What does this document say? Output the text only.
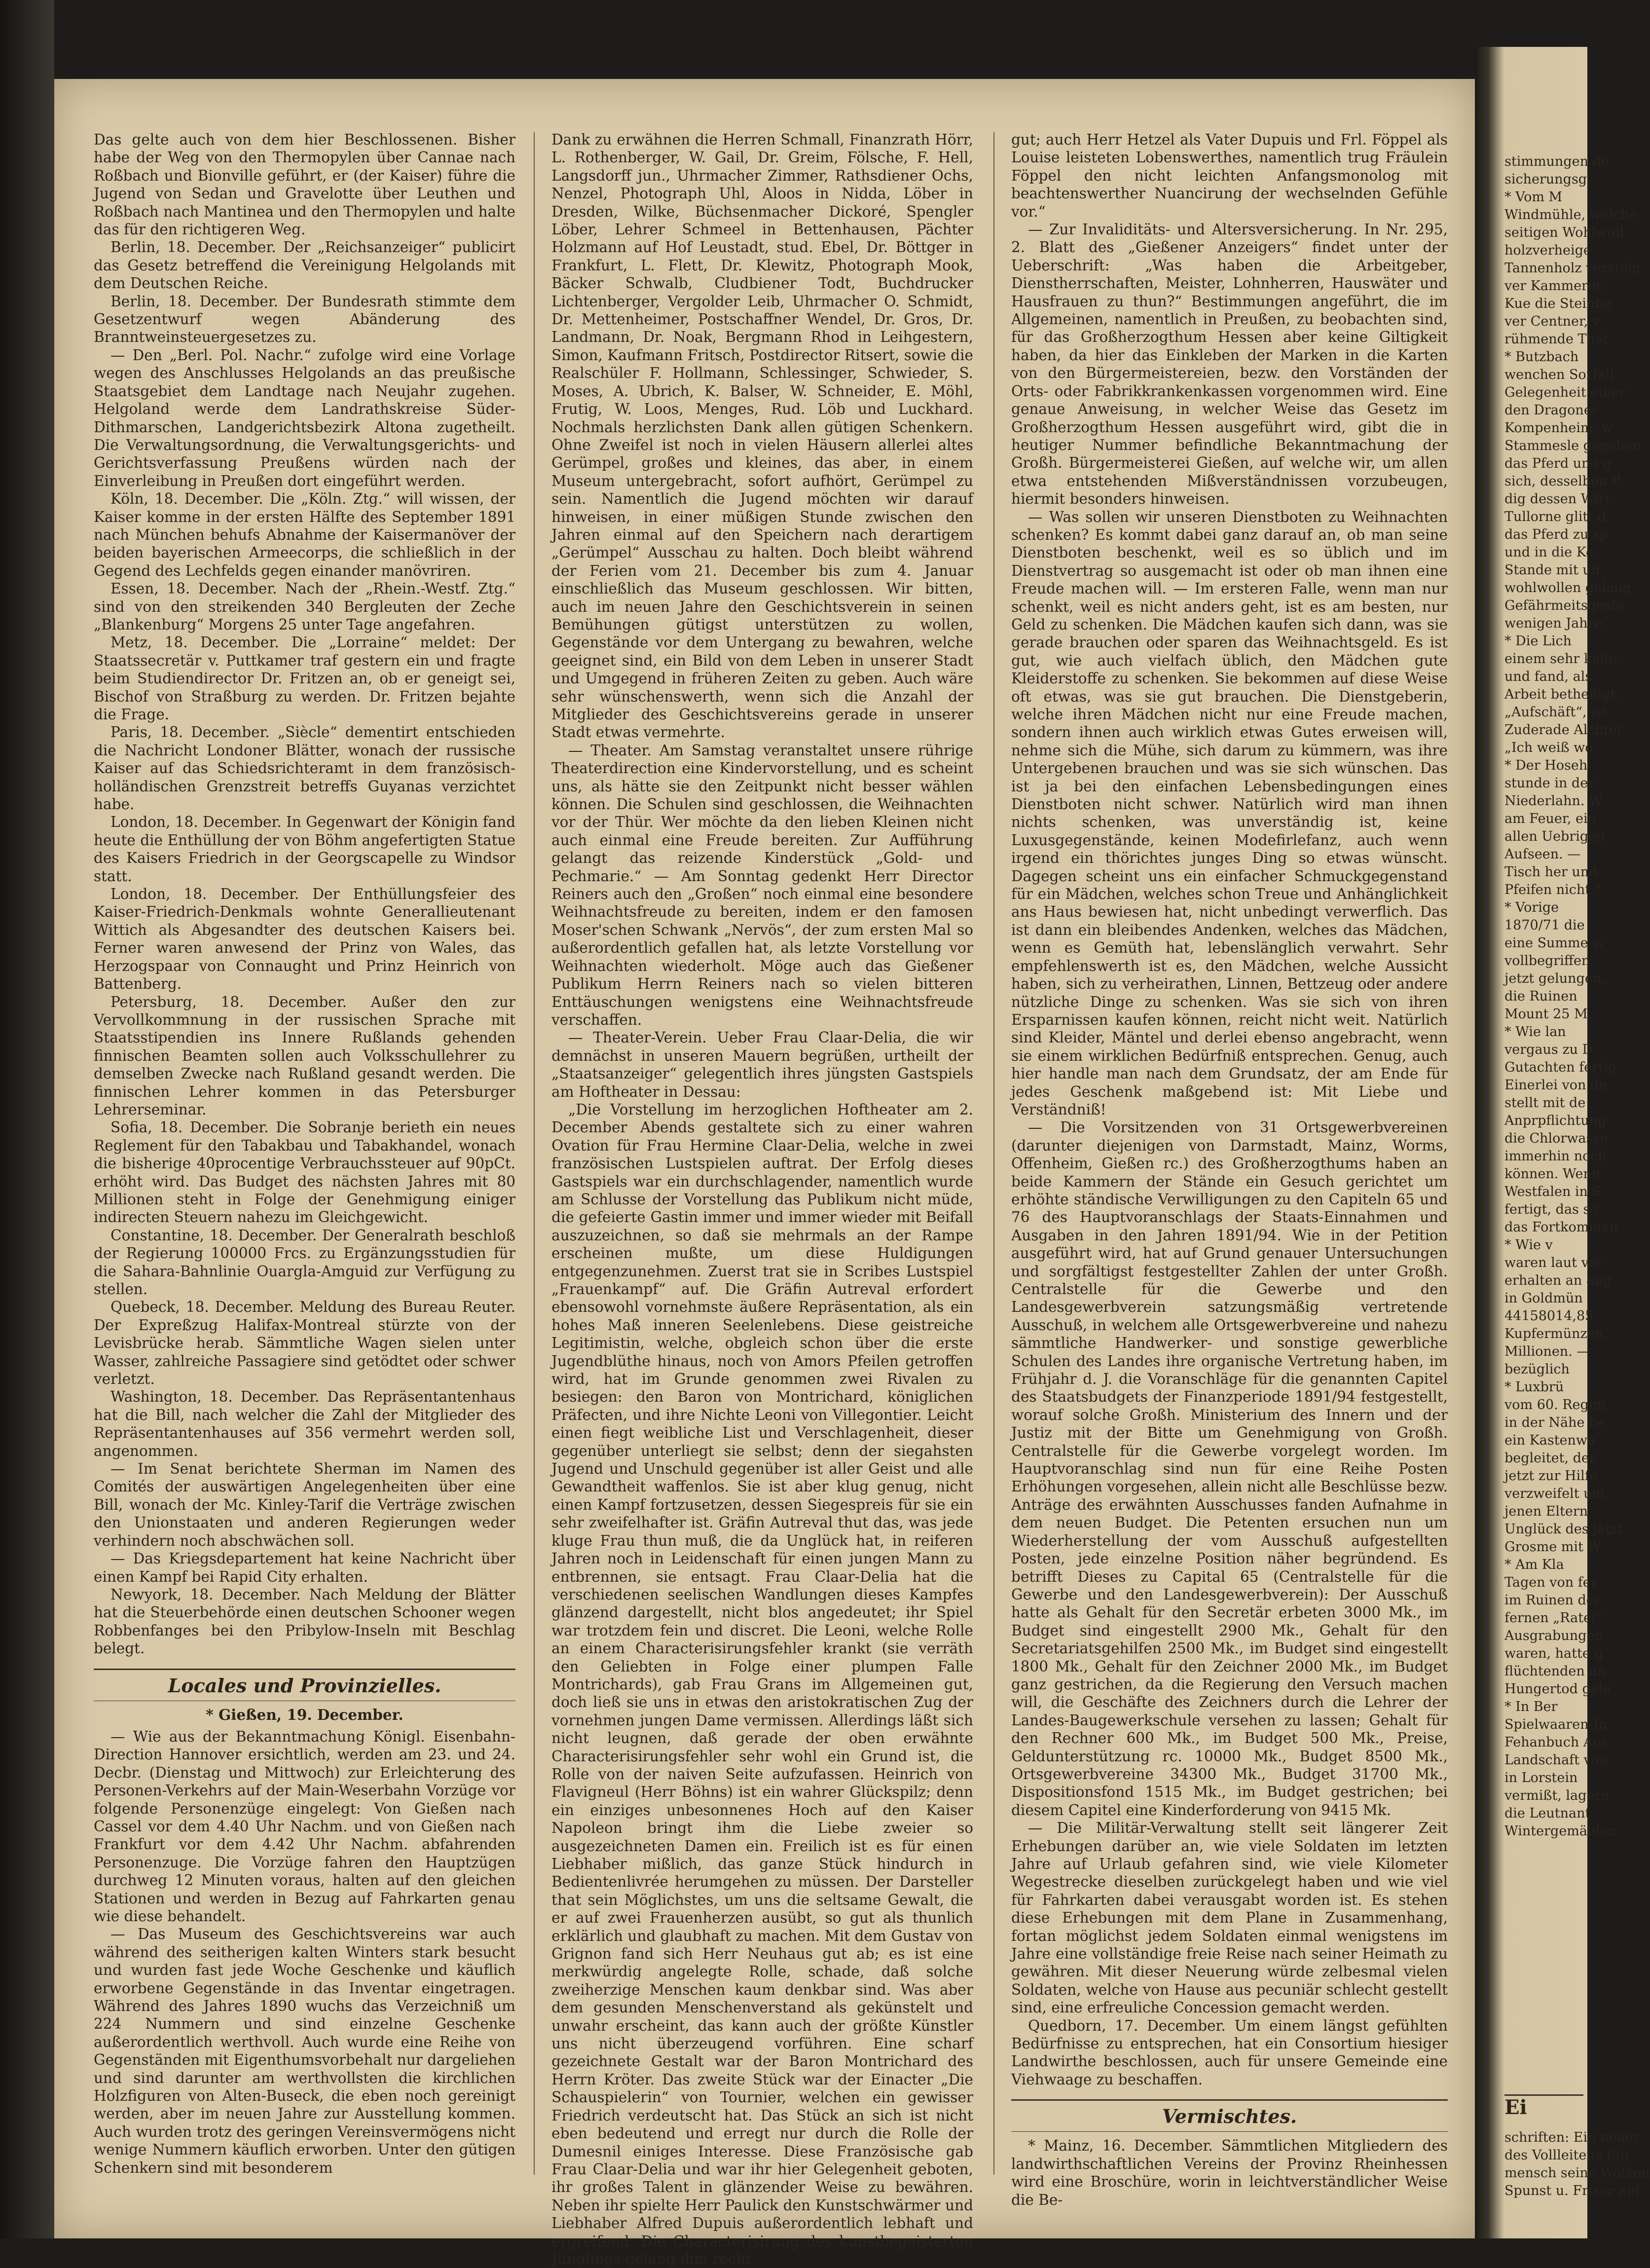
Das gelte auch von dem hier Beschlossenen. Bisher habe der Weg von den Thermopylen über Cannae nach Roßbach und Bionville geführt, er (der Kaiser) führe die Jugend von Sedan und Gravelotte über Leuthen und Roßbach nach Mantinea und den Thermopylen und halte das für den richtigeren Weg.

Berlin, 18. December. Der „Reichsanzeiger“ publicirt das Gesetz betreffend die Vereinigung Helgolands mit dem Deutschen Reiche.

Berlin, 18. December. Der Bundesrath stimmte dem Gesetzentwurf wegen Abänderung des Branntweinsteuergesetzes zu.

— Den „Berl. Pol. Nachr.“ zufolge wird eine Vorlage wegen des Anschlusses Helgolands an das preußische Staatsgebiet dem Landtage nach Neujahr zugehen. Helgoland werde dem Landrathskreise Süder-Dithmarschen, Landgerichtsbezirk Altona zugetheilt. Die Verwaltungsordnung, die Verwaltungsgerichts- und Gerichtsverfassung Preußens würden nach der Einverleibung in Preußen dort eingeführt werden.

Köln, 18. December. Die „Köln. Ztg.“ will wissen, der Kaiser komme in der ersten Hälfte des September 1891 nach München behufs Abnahme der Kaisermanöver der beiden bayerischen Armeecorps, die schließlich in der Gegend des Lechfelds gegen einander manövriren.

Essen, 18. December. Nach der „Rhein.-Westf. Ztg.“ sind von den streikenden 340 Bergleuten der Zeche „Blankenburg“ Morgens 25 unter Tage angefahren.

Metz, 18. December. Die „Lorraine“ meldet: Der Staatssecretär v. Puttkamer traf gestern ein und fragte beim Studiendirector Dr. Fritzen an, ob er geneigt sei, Bischof von Straßburg zu werden. Dr. Fritzen bejahte die Frage.

Paris, 18. December. „Siècle“ dementirt entschieden die Nachricht Londoner Blätter, wonach der russische Kaiser auf das Schiedsrichteramt in dem französisch-holländischen Grenzstreit betreffs Guyanas verzichtet habe.

London, 18. December. In Gegenwart der Königin fand heute die Enthüllung der von Böhm angefertigten Statue des Kaisers Friedrich in der Georgscapelle zu Windsor statt.

London, 18. December. Der Enthüllungsfeier des Kaiser-Friedrich-Denkmals wohnte Generallieutenant Wittich als Abgesandter des deutschen Kaisers bei. Ferner waren anwesend der Prinz von Wales, das Herzogspaar von Connaught und Prinz Heinrich von Battenberg.

Petersburg, 18. December. Außer den zur Vervollkommnung in der russischen Sprache mit Staatsstipendien ins Innere Rußlands gehenden finnischen Beamten sollen auch Volksschullehrer zu demselben Zwecke nach Rußland gesandt werden. Die finnischen Lehrer kommen in das Petersburger Lehrerseminar.

Sofia, 18. December. Die Sobranje berieth ein neues Reglement für den Tabakbau und Tabakhandel, wonach die bisherige 40procentige Verbrauchssteuer auf 90pCt. erhöht wird. Das Budget des nächsten Jahres mit 80 Millionen steht in Folge der Genehmigung einiger indirecten Steuern nahezu im Gleichgewicht.

Constantine, 18. December. Der Generalrath beschloß der Regierung 100000 Frcs. zu Ergänzungsstudien für die Sahara-Bahnlinie Ouargla-Amguid zur Verfügung zu stellen.

Quebeck, 18. December. Meldung des Bureau Reuter. Der Expreßzug Halifax-Montreal stürzte von der Levisbrücke herab. Sämmtliche Wagen sielen unter Wasser, zahlreiche Passagiere sind getödtet oder schwer verletzt.

Washington, 18. December. Das Repräsentantenhaus hat die Bill, nach welcher die Zahl der Mitglieder des Repräsentantenhauses auf 356 vermehrt werden soll, angenommen.

— Im Senat berichtete Sherman im Namen des Comités der auswärtigen Angelegenheiten über eine Bill, wonach der Mc. Kinley-Tarif die Verträge zwischen den Unionstaaten und anderen Regierungen weder verhindern noch abschwächen soll.

— Das Kriegsdepartement hat keine Nachricht über einen Kampf bei Rapid City erhalten.

Newyork, 18. December. Nach Meldung der Blätter hat die Steuerbehörde einen deutschen Schooner wegen Robbenfanges bei den Pribylow-Inseln mit Beschlag belegt.

Locales und Provinzielles.
* Gießen, 19. December.

— Wie aus der Bekanntmachung Königl. Eisenbahn-Direction Hannover ersichtlich, werden am 23. und 24. Decbr. (Dienstag und Mittwoch) zur Erleichterung des Personen-Verkehrs auf der Main-Weserbahn Vorzüge vor folgende Personenzüge eingelegt: Von Gießen nach Cassel vor dem 4.40 Uhr Nachm. und von Gießen nach Frankfurt vor dem 4.42 Uhr Nachm. abfahrenden Personenzuge. Die Vorzüge fahren den Hauptzügen durchweg 12 Minuten voraus, halten auf den gleichen Stationen und werden in Bezug auf Fahrkarten genau wie diese behandelt.

— Das Museum des Geschichtsvereins war auch während des seitherigen kalten Winters stark besucht und wurden fast jede Woche Geschenke und käuflich erworbene Gegenstände in das Inventar eingetragen. Während des Jahres 1890 wuchs das Verzeichniß um 224 Nummern und sind einzelne Geschenke außerordentlich werthvoll. Auch wurde eine Reihe von Gegenständen mit Eigenthumsvorbehalt nur dargeliehen und sind darunter am werthvollsten die kirchlichen Holzfiguren von Alten-Buseck, die eben noch gereinigt werden, aber im neuen Jahre zur Ausstellung kommen. Auch wurden trotz des geringen Vereinsvermögens nicht wenige Nummern käuflich erworben. Unter den gütigen Schenkern sind mit besonderem

Dank zu erwähnen die Herren Schmall, Finanzrath Hörr, L. Rothenberger, W. Gail, Dr. Greim, Fölsche, F. Hell, Langsdorff jun., Uhrmacher Zimmer, Rathsdiener Ochs, Nenzel, Photograph Uhl, Aloos in Nidda, Löber in Dresden, Wilke, Büchsenmacher Dickoré, Spengler Löber, Lehrer Schmeel in Bettenhausen, Pächter Holzmann auf Hof Leustadt, stud. Ebel, Dr. Böttger in Frankfurt, L. Flett, Dr. Klewitz, Photograph Mook, Bäcker Schwalb, Cludbiener Todt, Buchdrucker Lichtenberger, Vergolder Leib, Uhrmacher O. Schmidt, Dr. Mettenheimer, Postschaffner Wendel, Dr. Gros, Dr. Landmann, Dr. Noak, Bergmann Rhod in Leihgestern, Simon, Kaufmann Fritsch, Postdirector Ritsert, sowie die Realschüler F. Hollmann, Schlessinger, Schwieder, S. Moses, A. Ubrich, K. Balser, W. Schneider, E. Möhl, Frutig, W. Loos, Menges, Rud. Löb und Luckhard. Nochmals herzlichsten Dank allen gütigen Schenkern. Ohne Zweifel ist noch in vielen Häusern allerlei altes Gerümpel, großes und kleines, das aber, in einem Museum untergebracht, sofort aufhört, Gerümpel zu sein. Namentlich die Jugend möchten wir darauf hinweisen, in einer müßigen Stunde zwischen den Jahren einmal auf den Speichern nach derartigem „Gerümpel“ Ausschau zu halten. Doch bleibt während der Ferien vom 21. December bis zum 4. Januar einschließlich das Museum geschlossen. Wir bitten, auch im neuen Jahre den Geschichtsverein in seinen Bemühungen gütigst unterstützen zu wollen, Gegenstände vor dem Untergang zu bewahren, welche geeignet sind, ein Bild von dem Leben in unserer Stadt und Umgegend in früheren Zeiten zu geben. Auch wäre sehr wünschenswerth, wenn sich die Anzahl der Mitglieder des Geschichtsvereins gerade in unserer Stadt etwas vermehrte.

— Theater. Am Samstag veranstaltet unsere rührige Theaterdirection eine Kindervorstellung, und es scheint uns, als hätte sie den Zeitpunkt nicht besser wählen können. Die Schulen sind geschlossen, die Weihnachten vor der Thür. Wer möchte da den lieben Kleinen nicht auch einmal eine Freude bereiten. Zur Aufführung gelangt das reizende Kinderstück „Gold- und Pechmarie.“ — Am Sonntag gedenkt Herr Director Reiners auch den „Großen“ noch einmal eine besondere Weihnachtsfreude zu bereiten, indem er den famosen Moser'schen Schwank „Nervös“, der zum ersten Mal so außerordentlich gefallen hat, als letzte Vorstellung vor Weihnachten wiederholt. Möge auch das Gießener Publikum Herrn Reiners nach so vielen bitteren Enttäuschungen wenigstens eine Weihnachtsfreude verschaffen.

— Theater-Verein. Ueber Frau Claar-Delia, die wir demnächst in unseren Mauern begrüßen, urtheilt der „Staatsanzeiger“ gelegentlich ihres jüngsten Gastspiels am Hoftheater in Dessau:

„Die Vorstellung im herzoglichen Hoftheater am 2. December Abends gestaltete sich zu einer wahren Ovation für Frau Hermine Claar-Delia, welche in zwei französischen Lustspielen auftrat. Der Erfolg dieses Gastspiels war ein durchschlagender, namentlich wurde am Schlusse der Vorstellung das Publikum nicht müde, die gefeierte Gastin immer und immer wieder mit Beifall auszuzeichnen, so daß sie mehrmals an der Rampe erscheinen mußte, um diese Huldigungen entgegenzunehmen. Zuerst trat sie in Scribes Lustspiel „Frauenkampf“ auf. Die Gräfin Autreval erfordert ebensowohl vornehmste äußere Repräsentation, als ein hohes Maß inneren Seelenlebens. Diese geistreiche Legitimistin, welche, obgleich schon über die erste Jugendblüthe hinaus, noch von Amors Pfeilen getroffen wird, hat im Grunde genommen zwei Rivalen zu besiegen: den Baron von Montrichard, königlichen Präfecten, und ihre Nichte Leoni von Villegontier. Leicht einen fiegt weibliche List und Verschlagenheit, dieser gegenüber unterliegt sie selbst; denn der siegahsten Jugend und Unschuld gegenüber ist aller Geist und alle Gewandtheit waffenlos. Sie ist aber klug genug, nicht einen Kampf fortzusetzen, dessen Siegespreis für sie ein sehr zweifelhafter ist. Gräfin Autreval thut das, was jede kluge Frau thun muß, die da Unglück hat, in reiferen Jahren noch in Leidenschaft für einen jungen Mann zu entbrennen, sie entsagt. Frau Claar-Delia hat die verschiedenen seelischen Wandlungen dieses Kampfes glänzend dargestellt, nicht blos angedeutet; ihr Spiel war trotzdem fein und discret. Die Leoni, welche Rolle an einem Characterisirungsfehler krankt (sie verräth den Geliebten in Folge einer plumpen Falle Montrichards), gab Frau Grans im Allgemeinen gut, doch ließ sie uns in etwas den aristokratischen Zug der vornehmen jungen Dame vermissen. Allerdings läßt sich nicht leugnen, daß gerade der oben erwähnte Characterisirungsfehler sehr wohl ein Grund ist, die Rolle von der naiven Seite aufzufassen. Heinrich von Flavigneul (Herr Böhns) ist ein wahrer Glückspilz; denn ein einziges unbesonnenes Hoch auf den Kaiser Napoleon bringt ihm die Liebe zweier so ausgezeichneten Damen ein. Freilich ist es für einen Liebhaber mißlich, das ganze Stück hindurch in Bedientenlivrée herumgehen zu müssen. Der Darsteller that sein Möglichstes, um uns die seltsame Gewalt, die er auf zwei Frauenherzen ausübt, so gut als thunlich erklärlich und glaubhaft zu machen. Mit dem Gustav von Grignon fand sich Herr Neuhaus gut ab; es ist eine merkwürdig angelegte Rolle, schade, daß solche zweiherzige Menschen kaum denkbar sind. Was aber dem gesunden Menschenverstand als gekünstelt und unwahr erscheint, das kann auch der größte Künstler uns nicht überzeugend vorführen. Eine scharf gezeichnete Gestalt war der Baron Montrichard des Herrn Kröter. Das zweite Stück war der Einacter „Die Schauspielerin“ von Tournier, welchen ein gewisser Friedrich verdeutscht hat. Das Stück an sich ist nicht eben bedeutend und erregt nur durch die Rolle der Dumesnil einiges Interesse. Diese Französische gab Frau Claar-Delia und war ihr hier Gelegenheit geboten, ihr großes Talent in glänzender Weise zu bewähren. Neben ihr spielte Herr Paulick den Kunstschwärmer und Liebhaber Alfred Dupuis außerordentlich lebhaft und ergreifend. Die Characterisirung des kunstbegeisterten Jünglings gelang ihm recht

gut; auch Herr Hetzel als Vater Dupuis und Frl. Föppel als Louise leisteten Lobenswerthes, namentlich trug Fräulein Föppel den nicht leichten Anfangsmonolog mit beachtenswerther Nuancirung der wechselnden Gefühle vor.“

— Zur Invaliditäts- und Altersversicherung. In Nr. 295, 2. Blatt des „Gießener Anzeigers“ findet unter der Ueberschrift: „Was haben die Arbeitgeber, Dienstherrschaften, Meister, Lohnherren, Hauswäter und Hausfrauen zu thun?“ Bestimmungen angeführt, die im Allgemeinen, namentlich in Preußen, zu beobachten sind, für das Großherzogthum Hessen aber keine Giltigkeit haben, da hier das Einkleben der Marken in die Karten von den Bürgermeistereien, bezw. den Vorständen der Orts- oder Fabrikkrankenkassen vorgenommen wird. Eine genaue Anweisung, in welcher Weise das Gesetz im Großherzogthum Hessen ausgeführt wird, gibt die in heutiger Nummer befindliche Bekanntmachung der Großh. Bürgermeisterei Gießen, auf welche wir, um allen etwa entstehenden Mißverständnissen vorzubeugen, hiermit besonders hinweisen.

— Was sollen wir unseren Dienstboten zu Weihnachten schenken? Es kommt dabei ganz darauf an, ob man seine Dienstboten beschenkt, weil es so üblich und im Dienstvertrag so ausgemacht ist oder ob man ihnen eine Freude machen will. — Im ersteren Falle, wenn man nur schenkt, weil es nicht anders geht, ist es am besten, nur Geld zu schenken. Die Mädchen kaufen sich dann, was sie gerade brauchen oder sparen das Weihnachtsgeld. Es ist gut, wie auch vielfach üblich, den Mädchen gute Kleiderstoffe zu schenken. Sie bekommen auf diese Weise oft etwas, was sie gut brauchen. Die Dienstgeberin, welche ihren Mädchen nicht nur eine Freude machen, sondern ihnen auch wirklich etwas Gutes erweisen will, nehme sich die Mühe, sich darum zu kümmern, was ihre Untergebenen brauchen und was sie sich wünschen. Das ist ja bei den einfachen Lebensbedingungen eines Dienstboten nicht schwer. Natürlich wird man ihnen nichts schenken, was unverständig ist, keine Luxusgegenstände, keinen Modefirlefanz, auch wenn irgend ein thörichtes junges Ding so etwas wünscht. Dagegen scheint uns ein einfacher Schmuckgegenstand für ein Mädchen, welches schon Treue und Anhänglichkeit ans Haus bewiesen hat, nicht unbedingt verwerflich. Das ist dann ein bleibendes Andenken, welches das Mädchen, wenn es Gemüth hat, lebenslänglich verwahrt. Sehr empfehlenswerth ist es, den Mädchen, welche Aussicht haben, sich zu verheirathen, Linnen, Bettzeug oder andere nützliche Dinge zu schenken. Was sie sich von ihren Ersparnissen kaufen können, reicht nicht weit. Natürlich sind Kleider, Mäntel und derlei ebenso angebracht, wenn sie einem wirklichen Bedürfniß entsprechen. Genug, auch hier handle man nach dem Grundsatz, der am Ende für jedes Geschenk maßgebend ist: Mit Liebe und Verständniß!

— Die Vorsitzenden von 31 Ortsgewerbvereinen (darunter diejenigen von Darmstadt, Mainz, Worms, Offenheim, Gießen rc.) des Großherzogthums haben an beide Kammern der Stände ein Gesuch gerichtet um erhöhte ständische Verwilligungen zu den Capiteln 65 und 76 des Hauptvoranschlags der Staats-Einnahmen und Ausgaben in den Jahren 1891/94. Wie in der Petition ausgeführt wird, hat auf Grund genauer Untersuchungen und sorgfältigst festgestellter Zahlen der unter Großh. Centralstelle für die Gewerbe und den Landesgewerbverein satzungsmäßig vertretende Ausschuß, in welchem alle Ortsgewerbvereine und nahezu sämmtliche Handwerker- und sonstige gewerbliche Schulen des Landes ihre organische Vertretung haben, im Frühjahr d. J. die Voranschläge für die genannten Capitel des Staatsbudgets der Finanzperiode 1891/94 festgestellt, worauf solche Großh. Ministerium des Innern und der Justiz mit der Bitte um Genehmigung von Großh. Centralstelle für die Gewerbe vorgelegt worden. Im Hauptvoranschlag sind nun für eine Reihe Posten Erhöhungen vorgesehen, allein nicht alle Beschlüsse bezw. Anträge des erwähnten Ausschusses fanden Aufnahme in dem neuen Budget. Die Petenten ersuchen nun um Wiederherstellung der vom Ausschuß aufgestellten Posten, jede einzelne Position näher begründend. Es betrifft Dieses zu Capital 65 (Centralstelle für die Gewerbe und den Landesgewerbverein): Der Ausschuß hatte als Gehalt für den Secretär erbeten 3000 Mk., im Budget sind eingestellt 2900 Mk., Gehalt für den Secretariatsgehilfen 2500 Mk., im Budget sind eingestellt 1800 Mk., Gehalt für den Zeichner 2000 Mk., im Budget ganz gestrichen, da die Regierung den Versuch machen will, die Geschäfte des Zeichners durch die Lehrer der Landes-Baugewerkschule versehen zu lassen; Gehalt für den Rechner 600 Mk., im Budget 500 Mk., Preise, Geldunterstützung rc. 10000 Mk., Budget 8500 Mk., Ortsgewerbvereine 34300 Mk., Budget 31700 Mk., Dispositionsfond 1515 Mk., im Budget gestrichen; bei diesem Capitel eine Kinderforderung von 9415 Mk.

— Die Militär-Verwaltung stellt seit längerer Zeit Erhebungen darüber an, wie viele Soldaten im letzten Jahre auf Urlaub gefahren sind, wie viele Kilometer Wegestrecke dieselben zurückgelegt haben und wie viel für Fahrkarten dabei verausgabt worden ist. Es stehen diese Erhebungen mit dem Plane in Zusammenhang, fortan möglichst jedem Soldaten einmal wenigstens im Jahre eine vollständige freie Reise nach seiner Heimath zu gewähren. Mit dieser Neuerung würde zelbesmal vielen Soldaten, welche von Hause aus pecuniär schlecht gestellt sind, eine erfreuliche Concession gemacht werden.

Quedborn, 17. December. Um einem längst gefühlten Bedürfnisse zu entsprechen, hat ein Consortium hiesiger Landwirthe beschlossen, auch für unsere Gemeinde eine Viehwaage zu beschaffen.

Vermischtes.

* Mainz, 16. December. Sämmtlichen Mitgliedern des landwirthschaftlichen Vereins der Provinz Rheinhessen wird eine Broschüre, worin in leichtverständlicher Weise die Be-

stimmungen de
sicherungsg
* Vom M
Windmühle, welche
seitigen Wohlwoll
holzverheige
Tannenholz versteig
ver Kammerer,
Kue die Steinbe
ver Centner, v
rühmende That
* Butzbach
wenchen Sorfall
Gelegenheit einer
den Dragoner
Kompenheim, w
Stammesle gegeben
das Pferd und g
sich, desselben P
dig dessen Wirt
Tullorne glitt d
das Pferd zu sp
und in die Ke
Stande mit un
wohlwollen gelang
Gefährmeitsgeste
wenigen Jahre,
* Die Lich
einem sehr kalte
und fand, als
Arbeit betheiligt,
„Aufschäft“, ist
Zuderade Alchter
„Ich weiß wo
* Der Hoseh
stunde in der
Niederlahn. W
am Feuer, ein
allen Uebrigen
Aufseen. —
Tisch her und
Pfeifen nicht.“
* Vorige
1870/71 die
eine Summe w
vollbegriffen
jetzt gelungen,
die Ruinen
Mount 25 M.
* Wie lan
vergaus zu D
Gutachten fertig
Einerlei von de
stellt mit de
Anprpflichtung
die Chlorwasse
immerhin noch
können. Wenn
Westfalen in S
fertigt, das so
das Fortkommen
* Wie v
waren laut ver
erhalten an aug
in Goldmün
44158014,85
Kupfermünzen,
Millionen. —
bezüglich
* Luxbrü
vom 60. Regim
in der Nähe be
ein Kastenwa
begleitet, der
jetzt zur Hilfe
verzweifelt um
jenen Eltern
Unglück des jetzt
Grosme mit W
* Am Kla
Tagen von fer
im Ruinen der
fernen „Ratel“
Ausgrabungen
waren, hatte g
flüchtenden un
Hungertod gele
* In Ber
Spielwaaren-Jn
Fehanbuch Aus
Landschaft von
in Lorstein
vermißt, lagern
die Leutnant
Wintergemälden
Ei
schriften: Ein neuer
des Vollleitens Ein
mensch seine Wolken
Spunst u. Frisur auf
